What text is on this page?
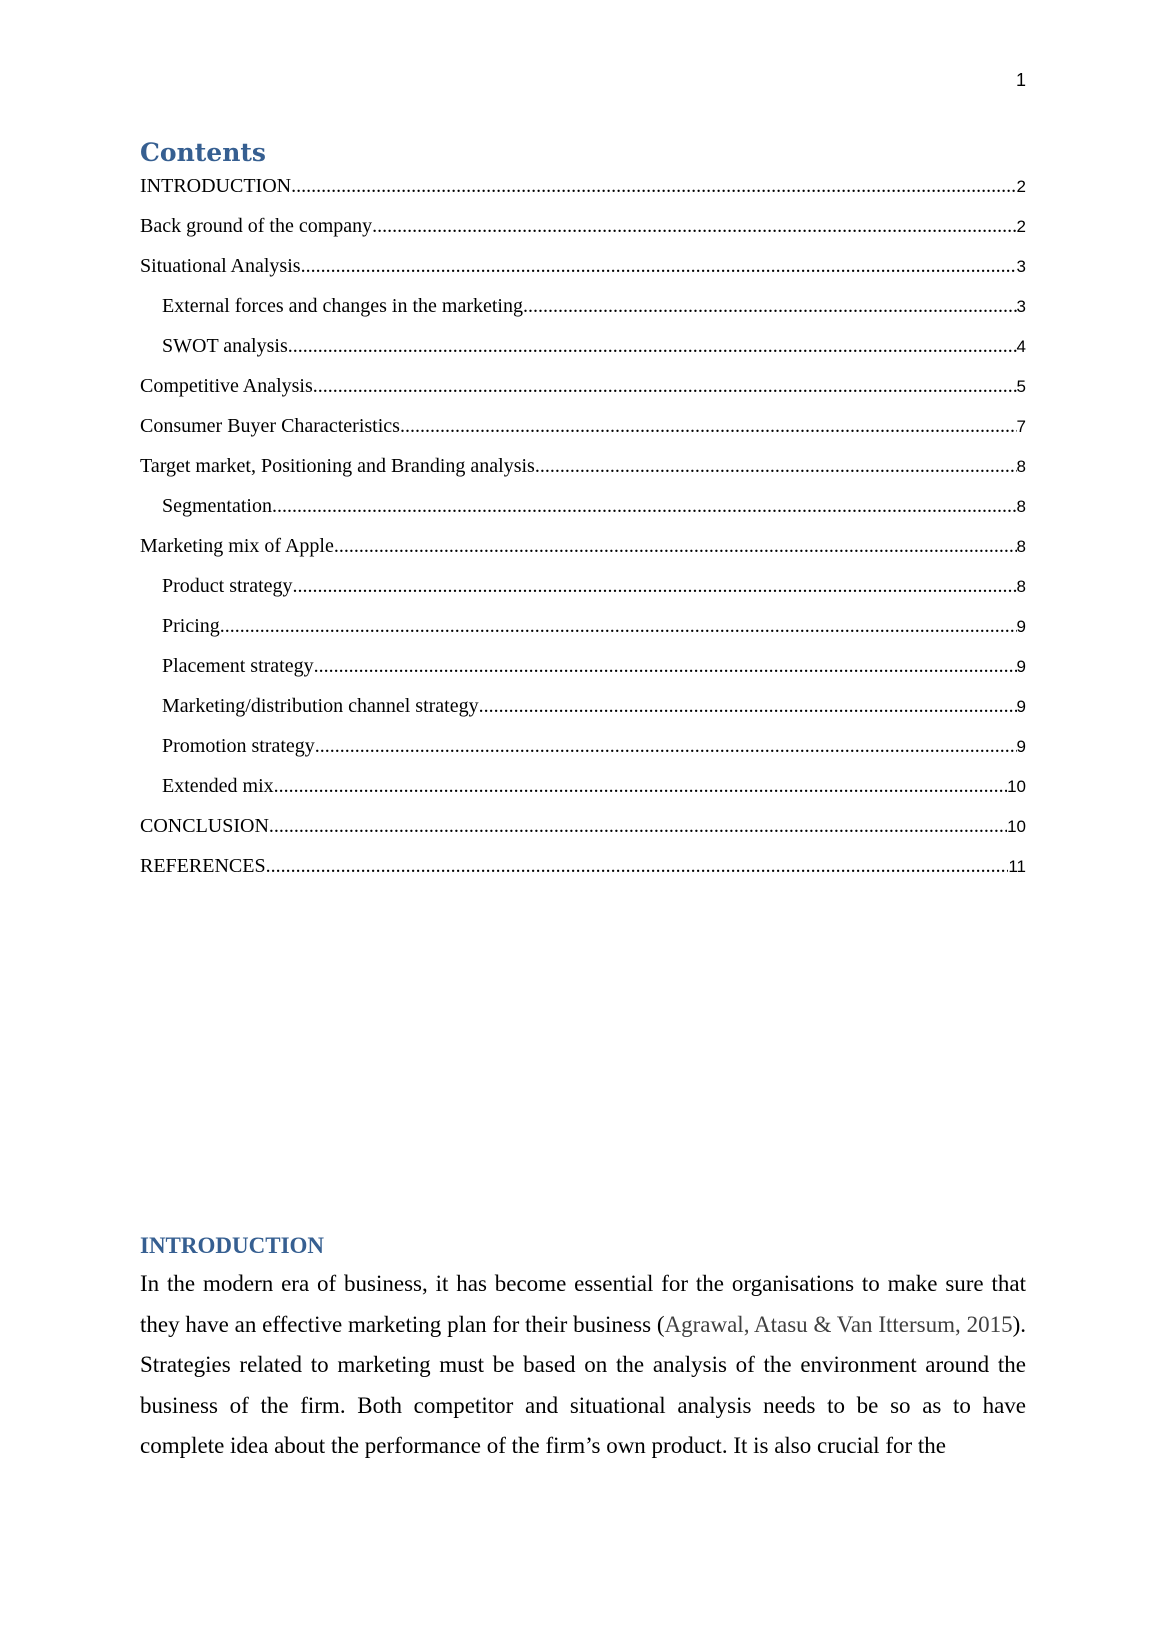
1
Contents
INTRODUCTION .....	2
Back ground of the company .....	2
Situational Analysis .....	3
External forces and changes in the marketing .....	3
SWOT analysis .....	4
Competitive Analysis .....	5
Consumer Buyer Characteristics .....	7
Target market, Positioning and Branding analysis .....	8
Segmentation .....	8
Marketing mix of Apple .....	8
Product strategy .....	8
Pricing .....	9
Placement strategy .....	9
Marketing/distribution channel strategy .....	9
Promotion strategy .....	9
Extended mix .....	10
CONCLUSION .....	10
REFERENCES .....	11
INTRODUCTION

In the modern era of business, it has become essential for the organisations to make sure that they have an effective marketing plan for their business (Agrawal, Atasu & Van Ittersum, 2015). Strategies related to marketing must be based on the analysis of the environment around the business of the firm. Both competitor and situational analysis needs to be so as to have complete idea about the performance of the firm’s own product. It is also crucial for the
